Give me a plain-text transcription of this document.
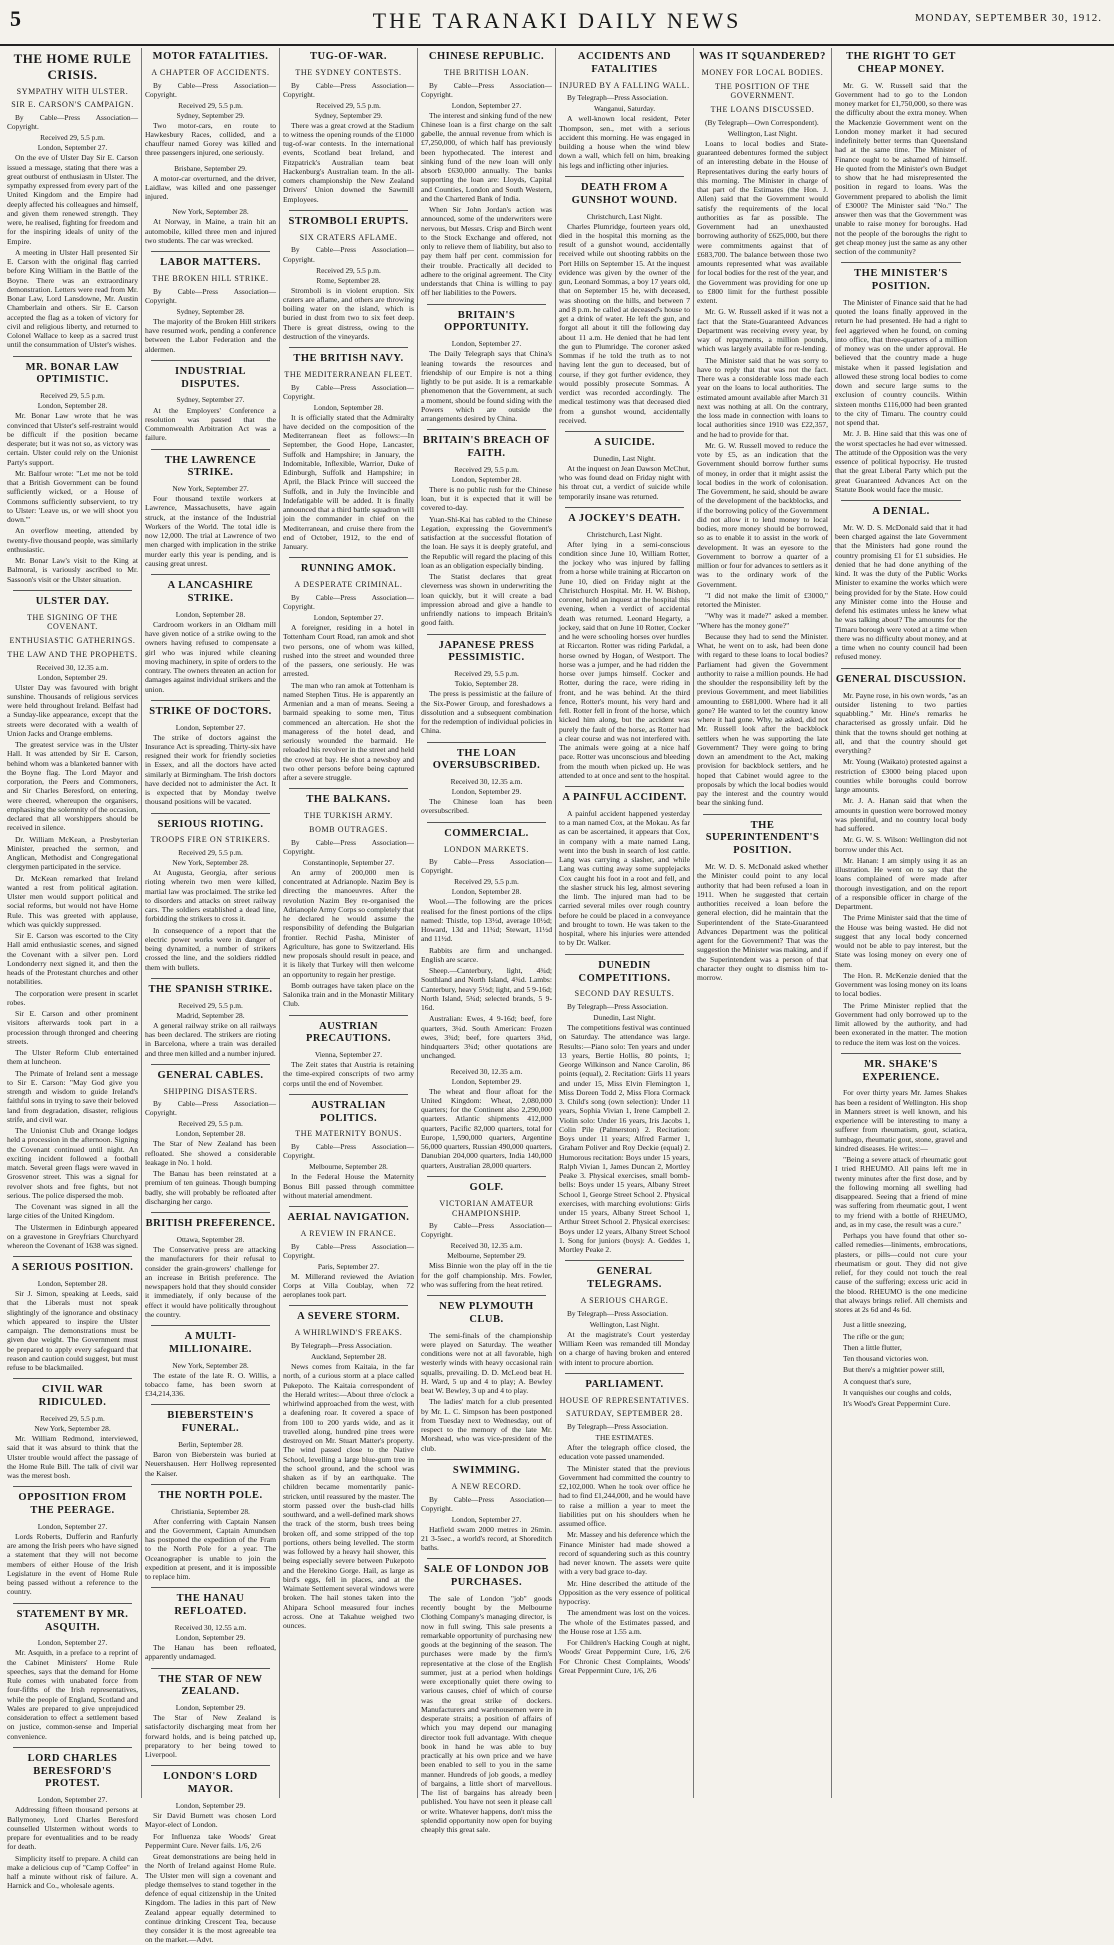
5	THE TARANAKI DAILY NEWS	MONDAY, SEPTEMBER 30, 1912.
THE HOME RULE CRISIS.
SYMPATHY WITH ULSTER.
SIR E. CARSON'S CAMPAIGN.
By Cable—Press Association—Copyright.
Received 29, 5.5 p.m.
London, September 27.

On the eve of Ulster Day Sir E. Carson issued a message, stating that there was a great outburst of enthusiasm in Ulster. The sympathy expressed from every part of the United Kingdom and the Empire had deeply affected his colleagues and himself, and given them renewed strength. They were, he realised, fighting for freedom and for the inspiring ideals of unity of the Empire.

A meeting in Ulster Hall presented Sir E. Carson with the original flag carried before King William in the Battle of the Boyne. There was an extraordinary demonstration. Letters were read from Mr. Bonar Law, Lord Lansdowne, Mr. Austin Chamberlain and others. Sir E. Carson accepted the flag as a token of victory for civil and religious liberty, and returned to Colonel Wallace to keep as a sacred trust until the consummation of Ulster's wishes.

MR. BONAR LAW OPTIMISTIC.
Received 29, 5.5 p.m.
London, September 28.

Mr. Bonar Law wrote that he was convinced that Ulster's self-restraint would be difficult if the position became desperate; but it was not so, as victory was certain. Ulster could rely on the Unionist Party's support.

Mr. Balfour wrote: "Let me not be told that a British Government can be found sufficiently wicked, or a House of Commons sufficiently subservient, to try to Ulster: 'Leave us, or we will shoot you down.'"

An overflow meeting, attended by twenty-five thousand people, was similarly enthusiastic.

Mr. Bonar Law's visit to the King at Balmoral, is variously ascribed to Mr. Sassoon's visit or the Ulster situation.

ULSTER DAY.
THE SIGNING OF THE COVENANT.
ENTHUSIASTIC GATHERINGS.
THE LAW AND THE PROPHETS.
Received 30, 12.35 a.m.
London, September 29.

Ulster Day was favoured with bright sunshine. Thousands of religious services were held throughout Ireland. Belfast had a Sunday-like appearance, except that the streets were decorated with a wealth of Union Jacks and Orange emblems.

The greatest service was in the Ulster Hall. It was attended by Sir E. Carson, behind whom was a blanketed banner with the Boyne flag. The Lord Mayor and corporation, the Peers and Commoners, and Sir Charles Beresford, on entering, were cheered, whereupon the organisers, emphasising the solemnity of the occasion, declared that all worshippers should be received in silence.

Dr. William McKean, a Presbyterian Minister, preached the sermon, and Anglican, Methodist and Congregational clergymen participated in the service.

Dr. McKean remarked that Ireland wanted a rest from political agitation. Ulster men would support political and social reforms, but would not have Home Rule. This was greeted with applause, which was quickly suppressed.

Sir E. Carson was escorted to the City Hall amid enthusiastic scenes, and signed the Covenant with a silver pen. Lord Londonderry next signed it, and then the heads of the Protestant churches and other notabilities.

The corporation were present in scarlet robes.

Sir E. Carson and other prominent visitors afterwards took part in a procession through thronged and cheering streets.

The Ulster Reform Club entertained them at luncheon.

The Primate of Ireland sent a message to Sir E. Carson: "May God give you strength and wisdom to guide Ireland's faithful sons in trying to save their beloved land from degradation, disaster, religious strife, and civil war.

The Unionist Club and Orange lodges held a procession in the afternoon. Signing the Covenant continued until night. An exciting incident followed a football match. Several green flags were waved in Grosvenor street. This was a signal for revolver shots and free fights, but not serious. The police dispersed the mob.

The Covenant was signed in all the large cities of the United Kingdom.

The Ulstermen in Edinburgh appeared on a gravestone in Greyfriars Churchyard whereon the Covenant of 1638 was signed.

A SERIOUS POSITION.
London, September 28.

Sir J. Simon, speaking at Leeds, said that the Liberals must not speak slightingly of the ignorance and obstinacy which appeared to inspire the Ulster campaign. The demonstrations must be given due weight. The Government must be prepared to apply every safeguard that reason and caution could suggest, but must refuse to be blackmailed.

CIVIL WAR RIDICULED.
Received 29, 5.5 p.m.
New York, September 28.

Mr. William Redmond, interviewed, said that it was absurd to think that the Ulster trouble would affect the passage of the Home Rule Bill. The talk of civil war was the merest bosh.

OPPOSITION FROM THE PEERAGE.
London, September 27.

Lords Roberts, Dufferin and Ranfurly are among the Irish peers who have signed a statement that they will not become members of either House of the Irish Legislature in the event of Home Rule being passed without a reference to the country.

STATEMENT BY MR. ASQUITH.
London, September 27.

Mr. Asquith, in a preface to a reprint of the Cabinet Ministers' Home Rule speeches, says that the demand for Home Rule comes with unabated force from four-fifths of the Irish representatives, while the people of England, Scotland and Wales are prepared to give unprejudiced consideration to effect a settlement based on justice, common-sense and Imperial convenience.

LORD CHARLES BERESFORD'S PROTEST.
London, September 27.

Addressing fifteen thousand persons at Ballymoney, Lord Charles Beresford counselled Ulstermen without words to prepare for eventualities and to be ready for death.

Simplicity itself to prepare. A child can make a delicious cup of "Camp Coffee" in half a minute without risk of failure. A. Harnick and Co., wholesale agents.

MOTOR FATALITIES.
A CHAPTER OF ACCIDENTS.
By Cable—Press Association—Copyright.
Received 29, 5.5 p.m.
Sydney, September 29.

Two motor-cars, en route to Hawkesbury Races, collided, and a chauffeur named Gorey was killed and three passengers injured, one seriously.

Brisbane, September 29.

A motor-car overturned, and the driver, Laidlaw, was killed and one passenger injured.

New York, September 28.

At Norway, in Maine, a train hit an automobile, killed three men and injured two students. The car was wrecked.

LABOR MATTERS.
THE BROKEN HILL STRIKE.
By Cable—Press Association—Copyright.
Sydney, September 28.

The majority of the Broken Hill strikers have resumed work, pending a conference between the Labor Federation and the aldermen.

INDUSTRIAL DISPUTES.
Sydney, September 27.

At the Employers' Conference a resolution was passed that the Commonwealth Arbitration Act was a failure.

THE LAWRENCE STRIKE.
New York, September 27.

Four thousand textile workers at Lawrence, Massachusetts, have again struck, at the instance of the Industrial Workers of the World. The total idle is now 12,000. The trial at Lawrence of two men charged with implication in the strike murder early this year is pending, and is causing great unrest.

A LANCASHIRE STRIKE.
London, September 28.

Cardroom workers in an Oldham mill have given notice of a strike owing to the owners having refused to compensate a girl who was injured while cleaning moving machinery, in spite of orders to the contrary. The owners threaten an action for damages against individual strikers and the union.

STRIKE OF DOCTORS.
London, September 27.

The strike of doctors against the Insurance Act is spreading. Thirty-six have resigned their work for friendly societies in Essex, and all the doctors have acted similarly at Birmingham. The Irish doctors have decided not to administer the Act. It is expected that by Monday twelve thousand positions will be vacated.

SERIOUS RIOTING.
TROOPS FIRE ON STRIKERS.
Received 29, 5.5 p.m.
New York, September 28.

At Augusta, Georgia, after serious rioting wherein two men were killed, martial law was proclaimed. The strike led to disorders and attacks on street railway cars. The soldiers established a dead line, forbidding the strikers to cross it.

In consequence of a report that the electric power works were in danger of being dynamited, a number of strikers crossed the line, and the soldiers riddled them with bullets.

THE SPANISH STRIKE.
Received 29, 5.5 p.m.
Madrid, September 28.

A general railway strike on all railways has been declared. The strikers are rioting in Barcelona, where a train was derailed and three men killed and a number injured.

GENERAL CABLES.
SHIPPING DISASTERS.
By Cable—Press Association—Copyright.
Received 29, 5.5 p.m.
London, September 28.

The Star of New Zealand has been refloated. She showed a considerable leakage in No. 1 hold.

The Banau has been reinstated at a premium of ten guineas. Though bumping badly, she will probably be refloated after discharging her cargo.

BRITISH PREFERENCE.
Ottawa, September 28.

The Conservative press are attacking the manufacturers for their refusal to consider the grain-growers' challenge for an increase in British preference. The newspapers hold that they should consider it immediately, if only because of the effect it would have politically throughout the country.

A MULTI-MILLIONAIRE.
New York, September 28.

The estate of the late R. O. Willis, a tobacco fame, has been sworn at £34,214,336.

BIEBERSTEIN'S FUNERAL.
Berlin, September 28.

Baron von Bieberstein was buried at Neuershausen. Herr Hollweg represented the Kaiser.

THE NORTH POLE.
Christiania, September 28.

After conferring with Captain Nansen and the Government, Captain Amundsen has postponed the expedition of the Fram to the North Pole for a year. The Oceanographer is unable to join the expedition at present, and it is impossible to replace him.

THE HANAU REFLOATED.
Received 30, 12.55 a.m.
London, September 29.

The Hanau has been refloated, apparently undamaged.

THE STAR OF NEW ZEALAND.
London, September 29.

The Star of New Zealand is satisfactorily discharging meat from her forward holds, and is being patched up, preparatory to her being towed to Liverpool.

LONDON'S LORD MAYOR.
London, September 29.

Sir David Burnett was chosen Lord Mayor-elect of London.

For Influenza take Woods' Great Peppermint Cure. Never fails. 1/6, 2/6

Great demonstrations are being held in the North of Ireland against Home Rule. The Ulster men will sign a covenant and pledge themselves to stand together in the defence of equal citizenship in the United Kingdom. The ladies in this part of New Zealand appear equally determined to continue drinking Crescent Tea, because they consider it is the most agreeable tea on the market.—Advt.

TUG-OF-WAR.
THE SYDNEY CONTESTS.
By Cable—Press Association—Copyright.
Received 29, 5.5 p.m.
Sydney, September 29.

There was a great crowd at the Stadium to witness the opening rounds of the £1000 tug-of-war contests. In the international events, Scotland beat Ireland, and Fitzpatrick's Australian team beat Hackenburg's Australian team. In the all-comers championship the New Zealand Drivers' Union downed the Sawmill Employees.

STROMBOLI ERUPTS.
SIX CRATERS AFLAME.
By Cable—Press Association—Copyright.
Received 29, 5.5 p.m.
Rome, September 28.

Stromboli is in violent eruption. Six craters are aflame, and others are throwing boiling water on the island, which is buried in dust from two to six feet deep. There is great distress, owing to the destruction of the vineyards.

THE BRITISH NAVY.
THE MEDITERRANEAN FLEET.
By Cable—Press Association—Copyright.
London, September 28.

It is officially stated that the Admiralty have decided on the composition of the Mediterranean fleet as follows:—In September, the Good Hope, Lancaster, Suffolk and Hampshire; in January, the Indomitable, Inflexible, Warrior, Duke of Edinburgh, Suffolk and Hampshire; in April, the Black Prince will succeed the Suffolk, and in July the Invincible and Indefatigable will be added. It is finally announced that a third battle squadron will join the commander in chief on the Mediterranean, and cruise there from the end of October, 1912, to the end of January.

RUNNING AMOK.
A DESPERATE CRIMINAL.
By Cable—Press Association—Copyright.
London, September 27.

A foreigner, residing in a hotel in Tottenham Court Road, ran amok and shot two persons, one of whom was killed, rushed into the street and wounded three of the passers, one seriously. He was arrested.

The man who ran amok at Tottenham is named Stephen Titus. He is apparently an Armenian and a man of means. Seeing a barmaid speaking to some men, Titus commenced an altercation. He shot the manageress of the hotel dead, and seriously wounded the barmaid. He reloaded his revolver in the street and held the crowd at bay. He shot a newsboy and two other persons before being captured after a severe struggle.

THE BALKANS.
THE TURKISH ARMY.
BOMB OUTRAGES.
By Cable—Press Association—Copyright.
Constantinople, September 27.

An army of 200,000 men is concentrated at Adrianople. Nazim Bey is directing the manoeuvres. After the revolution Nazim Bey re-organised the Adrianople Army Corps so completely that he declared he would assume the responsibility of defending the Bulgarian frontier. Rechid Pasha, Minister of Agriculture, has gone to Switzerland. His new proposals should result in peace, and it is likely that Turkey will then welcome an opportunity to regain her prestige.

Bomb outrages have taken place on the Salonika train and in the Monastir Military Club.

AUSTRIAN PRECAUTIONS.
Vienna, September 27.

The Zeit states that Austria is retaining the time-expired conscripts of two army corps until the end of November.

AUSTRALIAN POLITICS.
THE MATERNITY BONUS.
By Cable—Press Association—Copyright.
Melbourne, September 28.

In the Federal House the Maternity Bonus Bill passed through committee without material amendment.

AERIAL NAVIGATION.
A REVIEW IN FRANCE.
By Cable—Press Association—Copyright.
Paris, September 27.

M. Millerand reviewed the Aviation Corps at Villa Coublay, when 72 aeroplanes took part.

A SEVERE STORM.
A WHIRLWIND'S FREAKS.
By Telegraph—Press Association.
Auckland, September 28.

News comes from Kaitaia, in the far north, of a curious storm at a place called Pukepoto. The Kaitaia correspondent of the Herald writes:—About three o'clock a whirlwind approached from the west, with a deafening roar. It covered a space of from 100 to 200 yards wide, and as it travelled along, hundred pine trees were destroyed on Mr. Stuart Matter's property. The wind passed close to the Native School, levelling a large blue-gum tree in the school ground, and the school was shaken as if by an earthquake. The children became momentarily panic-stricken, until reassured by the master. The storm passed over the bush-clad hills southward, and a well-defined mark shows the track of the storm, bush trees being broken off, and some stripped of the top portions, others being levelled. The storm was followed by a heavy hail shower, this being especially severe between Pukepoto and the Herekino Gorge. Hail, as large as bird's eggs, fell in places, and at the Waimate Settlement several windows were broken. The hail stones taken into the Ahipara School measured four inches across. One at Takahue weighed two ounces.

CHINESE REPUBLIC.
THE BRITISH LOAN.
By Cable—Press Association—Copyright.
London, September 27.

The interest and sinking fund of the new Chinese loan is a first charge on the salt gabelle, the annual revenue from which is £7,250,000, of which half has previously been hypothecated. The interest and sinking fund of the new loan will only absorb £630,000 annually. The banks supporting the loan are: Lloyds, Capital and Counties, London and South Western, and the Chartered Bank of India.

When Sir John Jordan's action was announced, some of the underwriters were nervous, but Messrs. Crisp and Birch went to the Stock Exchange and offered, not only to relieve them of liability, but also to pay them half per cent. commission for their trouble. Practically all decided to adhere to the original agreement. The City understands that China is willing to pay off her liabilities to the Powers.

BRITAIN'S OPPORTUNITY.
London, September 27.

The Daily Telegraph says that China's leaning towards the resources and friendship of our Empire is not a thing lightly to be put aside. It is a remarkable phenomenon that the Government, at such a moment, should be found siding with the Powers which are outside the arrangements desired by China.

BRITAIN'S BREACH OF FAITH.
Received 29, 5.5 p.m.
London, September 28.

There is no public rush for the Chinese loan, but it is expected that it will be covered to-day.

Yuan-Shi-Kai has cabled to the Chinese Legation, expressing the Government's satisfaction at the successful flotation of the loan. He says it is deeply grateful, and the Republic will regard the placing of this loan as an obligation especially binding.

The Statist declares that great cleverness was shown in underwriting the loan quickly, but it will create a bad impression abroad and give a handle to unfriendly nations to impeach Britain's good faith.

JAPANESE PRESS PESSIMISTIC.
Received 29, 5.5 p.m.
Tokio, September 28.

The press is pessimistic at the failure of the Six-Power Group, and foreshadows a dissolution and a subsequent combination for the redemption of individual policies in China.

THE LOAN OVERSUBSCRIBED.
Received 30, 12.35 a.m.
London, September 29.

The Chinese loan has been oversubscribed.

COMMERCIAL.
LONDON MARKETS.
By Cable—Press Association—Copyright.
Received 29, 5.5 p.m.
London, September 28.

Wool.—The following are the prices realised for the finest portions of the clips named: Thistle, top 13½d, average 10½d; Howard, 13d and 11¾d; Stewart, 11½d and 11½d.

Rabbits are firm and unchanged. English are scarce.

Sheep.—Canterbury, light, 4¾d; Southland and North Island, 4¾d. Lambs: Canterbury, heavy 5½d; light, and 5 9-16d; North Island, 5¾d; selected brands, 5 9-16d.

Australian: Ewes, 4 9-16d; beef, fore quarters, 3¼d. South American: Frozen ewes, 3¾d; beef, fore quarters 3¾d, hindquarters 3¾d; other quotations are unchanged.

Received 30, 12.35 a.m.
London, September 29.

The wheat and flour afloat for the United Kingdom: Wheat, 2,080,000 quarters; for the Continent also 2,290,000 quarters. Atlantic shipments 412,000 quarters, Pacific 82,000 quarters, total for Europe, 1,590,000 quarters, Argentine 56,000 quarters, Russian 490,000 quarters, Danubian 204,000 quarters, India 140,000 quarters, Australian 28,000 quarters.

GOLF.
VICTORIAN AMATEUR CHAMPIONSHIP.
By Cable—Press Association—Copyright.
Received 30, 12.35 a.m.
Melbourne, September 29.

Miss Binnie won the play off in the tie for the golf championship. Mrs. Fowler, who was suffering from the heat retired.

NEW PLYMOUTH CLUB.

The semi-finals of the championship were played on Saturday. The weather conditions were not at all favorable, high westerly winds with heavy occasional rain squalls, prevailing. D. D. McLeod beat H. H. Ward, 5 up and 4 to play; A. Bewley beat W. Bewley, 3 up and 4 to play.

The ladies' match for a club presented by Mr. L. C. Simpson has been postponed from Tuesday next to Wednesday, out of respect to the memory of the late Mr. Morshead, who was vice-president of the club.

SWIMMING.
A NEW RECORD.
By Cable—Press Association—Copyright.
London, September 27.

Hatfield swam 2000 metres in 26min. 21 3-5sec., a world's record, at Shoreditch baths.

SALE OF LONDON JOB PURCHASES.

The sale of London "job" goods recently bought by the Melbourne Clothing Company's managing director, is now in full swing. This sale presents a remarkable opportunity of purchasing new goods at the beginning of the season. The purchases were made by the firm's representative at the close of the English summer, just at a period when holdings were exceptionally quiet there owing to various causes, chief of which of course was the great strike of dockers. Manufacturers and warehousemen were in desperate straits; a position of affairs of which you may depend our managing director took full advantage. With cheque book in hand he was able to buy practically at his own price and we have been enabled to sell to you in the same manner. Hundreds of job goods, a medley of bargains, a little short of marvellous. The list of bargains has already been published. You have not seen it please call or write. Whatever happens, don't miss the splendid opportunity now open for buying cheaply this great sale.

ACCIDENTS AND FATALITIES
INJURED BY A FALLING WALL.
By Telegraph—Press Association.
Wanganui, Saturday.

A well-known local resident, Peter Thompson, sen., met with a serious accident this morning. He was engaged in building a house when the wind blew down a wall, which fell on him, breaking his legs and inflicting other injuries.

DEATH FROM A GUNSHOT WOUND.
Christchurch, Last Night.

Charles Plumridge, fourteen years old, died in the hospital this morning as the result of a gunshot wound, accidentally received while out shooting rabbits on the Port Hills on September 15. At the inquest evidence was given by the owner of the gun, Leonard Sommas, a boy 17 years old, that on September 15 he, with deceased, was shooting on the hills, and between 7 and 8 p.m. he called at deceased's house to get a drink of water. He left the gun, and forgot all about it till the following day about 11 a.m. He denied that he had lent the gun to Plumridge. The coroner asked Sommas if he told the truth as to not having lent the gun to deceased, but of course, if they got further evidence, they would possibly prosecute Sommas. A verdict was recorded accordingly. The medical testimony was that deceased died from a gunshot wound, accidentally received.

A SUICIDE.
Dunedin, Last Night.

At the inquest on Jean Dawson McChut, who was found dead on Friday night with his throat cut, a verdict of suicide while temporarily insane was returned.

A JOCKEY'S DEATH.
Christchurch, Last Night.

After lying in a semi-conscious condition since June 10, William Rotter, the jockey who was injured by falling from a horse while training at Riccarton on June 10, died on Friday night at the Christchurch Hospital. Mr. H. W. Bishop, coroner, held an inquest at the hospital this evening, when a verdict of accidental death was returned. Leonard Hegarty, a jockey, said that on June 10 Rotter, Cocker and he were schooling horses over hurdles at Riccarton. Rotter was riding Parkdal, a horse owned by Hogan, of Westport. The horse was a jumper, and he had ridden the horse over jumps himself. Cocker and Rotter, during the race, were riding in front, and he was behind. At the third fence, Rotter's mount, his very hard and fell. Rotter fell in front of the horse, which kicked him along, but the accident was purely the fault of the horse, as Rotter had a clear course and was not interfered with. The animals were going at a nice half pace. Rotter was unconscious and bleeding from the mouth when picked up. He was attended to at once and sent to the hospital.

A PAINFUL ACCIDENT.

A painful accident happened yesterday to a man named Cox, at the Mokau. As far as can be ascertained, it appears that Cox, in company with a mate named Lang, went into the bush in search of lost cattle. Lang was carrying a slasher, and while Lang was cutting away some supplejacks Cox caught his foot in a root and fell, and the slasher struck his leg, almost severing the limb. The injured man had to be carried several miles over rough country before he could be placed in a conveyance and brought to town. He was taken to the hospital, where his injuries were attended to by Dr. Walker.

DUNEDIN COMPETITIONS.
SECOND DAY RESULTS.
By Telegraph—Press Association.
Dunedin, Last Night.

The competitions festival was continued on Saturday. The attendance was large. Results:—Piano solo: Ten years and under 13 years, Bertie Hollis, 80 points, 1; George Wilkinson and Nance Carolin, 86 points (equal), 2. Recitation: Girls 11 years and under 15, Miss Elvin Flemington 1, Miss Doreen Todd 2, Miss Flora Cormack 3. Child's song (own selection): Under 11 years, Sophia Vivian 1, Irene Campbell 2. Violin solo: Under 16 years, Iris Jacobs 1, Colin Pile (Palmerston) 2. Recitation: Boys under 11 years; Alfred Farmer 1, Graham Poliver and Roy Deckie (equal) 2. Humorous recitation: Boys under 15 years, Ralph Vivian 1, James Duncan 2, Mortley Peake 3. Physical exercises, small bomb-bells: Boys under 15 years, Albany Street School 1, George Street School 2. Physical exercises, with marching evolutions: Girls under 15 years, Albany Street School 1, Arthur Street School 2. Physical exercises: Boys under 12 years, Albany Street School 1. Song for juniors (boys): A. Geddes 1, Mortley Peake 2.

GENERAL TELEGRAMS.
A SERIOUS CHARGE.
By Telegraph—Press Association.
Wellington, Last Night.

At the magistrate's Court yesterday William Keen was remanded till Monday on a charge of having broken and entered with intent to procure abortion.

PARLIAMENT.
HOUSE OF REPRESENTATIVES.
SATURDAY, SEPTEMBER 28.
By Telegraph—Press Association.
THE ESTIMATES.

After the telegraph office closed, the education vote passed unamended.

The Minister stated that the previous Government had committed the country to £2,102,000. When he took over office he had to find £1,244,000, and he would have to raise a million a year to meet the liabilities put on his shoulders when he assumed office.

Mr. Massey and his deference which the Finance Minister had made showed a record of squandering such as this country had never known. The assets were quite with a very bad grace to-day.

Mr. Hine described the attitude of the Opposition as the very essence of political hypocrisy.

The amendment was lost on the voices. The whole of the Estimates passed, and the House rose at 1.55 a.m.

For Children's Hacking Cough at night, Woods' Great Peppermint Cure, 1/6, 2/6 For Chronic Chest Complaints, Woods' Great Peppermint Cure, 1/6, 2/6

WAS IT SQUANDERED?
MONEY FOR LOCAL BODIES.
THE POSITION OF THE GOVERNMENT.
THE LOANS DISCUSSED.
(By Telegraph—Own Correspondent).
Wellington, Last Night.

Loans to local bodies and State-guaranteed debentures formed the subject of an interesting debate in the House of Representatives during the early hours of this morning. The Minister in charge of that part of the Estimates (the Hon. J. Allen) said that the Government would satisfy the requirements of the local authorities as far as possible. The Government had an unexhausted borrowing authority of £625,000, but there were commitments against that of £683,700. The balance between those two amounts represented what was available for local bodies for the rest of the year, and the Government was providing for one up to £800 limit for the furthest possible extent.

Mr. G. W. Russell asked if it was not a fact that the State-Guaranteed Advances Department was receiving every year, by way of repayments, a million pounds, which was largely available for re-lending.

The Minister said that he was sorry to have to reply that that was not the fact. There was a considerable loss made each year on the loans to local authorities. The estimated amount available after March 31 next was nothing at all. On the contrary, the loss made in connection with loans to local authorities since 1910 was £22,357, and he had to provide for that.

Mr. G. W. Russell moved to reduce the vote by £5, as an indication that the Government should borrow further sums of money, in order that it might assist the local bodies in the work of colonisation. The Government, he said, should be aware of the development of the backblocks, and if the borrowing policy of the Government did not allow it to lend money to local bodies, more money should be borrowed, so as to enable it to assist in the work of development. It was an eyesore to the Government to borrow a quarter of a million or four for advances to settlers as it was to the ordinary work of the Government.

"I did not make the limit of £3000," retorted the Minister.

"Why was it made?" asked a member. "Where has the money gone?"

Because they had to send the Minister. What, he went on to ask, had been done with regard to these loans to local bodies? Parliament had given the Government authority to raise a million pounds. He had the shoulder the responsibility left by the previous Government, and meet liabilities amounting to £681,000. Where had it all gone? He wanted to let the country know where it had gone. Why, he asked, did not Mr. Russell look after the backblock settlers when he was supporting the late Government? They were going to bring down an amendment to the Act, making provision for backblock settlers, and he hoped that Cabinet would agree to the proposals by which the local bodies would pay the interest and the country would bear the sinking fund.

THE SUPERINTENDENT'S POSITION.

Mr. W. D. S. McDonald asked whether the Minister could point to any local authority that had been refused a loan in 1911. When he suggested that certain authorities received a loan before the general election, did he maintain that the Superintendent of the State-Guaranteed Advances Department was the political agent for the Government? That was the suggestion the Minister was making, and if the Superintendent was a person of that character they ought to dismiss him to-morrow.

THE RIGHT TO GET CHEAP MONEY.

Mr. G. W. Russell said that the Government had to go to the London money market for £1,750,000, so there was the difficulty about the extra money. When the Mackenzie Government went on the London money market it had secured indefinitely better terms than Queensland had at the same time. The Minister of Finance ought to be ashamed of himself. He quoted from the Minister's own Budget to show that he had misrepresented the position in regard to loans. Was the Government prepared to abolish the limit of £3000? The Minister said "No." The answer then was that the Government was unable to raise money for boroughs. Had not the people of the boroughs the right to get cheap money just the same as any other section of the community?

THE MINISTER'S POSITION.

The Minister of Finance said that he had quoted the loans finally approved in the return he had presented. He had a right to feel aggrieved when he found, on coming into office, that three-quarters of a million of money was on the under approval. He believed that the country made a huge mistake when it passed legislation and allowed these strong local bodies to come down and secure large sums to the exclusion of country councils. Within sixteen months £116,000 had been granted to the city of Timaru. The country could not spend that.

Mr. J. B. Hine said that this was one of the worst spectacles he had ever witnessed. The attitude of the Opposition was the very essence of political hypocrisy. He trusted that the great Liberal Party which put the great Guaranteed Advances Act on the Statute Book would face the music.

A DENIAL.

Mr. W. D. S. McDonald said that it had been charged against the late Government that the Ministers had gone round the country promising £1 for £1 subsidies. He denied that he had done anything of the kind. It was the duty of the Public Works Minister to examine the works which were being provided for by the State. How could any Minister come into the House and defend his estimates unless he knew what he was talking about? The amounts for the Timaru borough were voted at a time when there was no difficulty about money, and at a time when no county council had been refused money.

GENERAL DISCUSSION.

Mr. Payne rose, in his own words, "as an outsider listening to two parties squabbling." Mr. Hine's remarks he characterised as grossly unfair. Did he think that the towns should get nothing at all, and that the country should get everything?

Mr. Young (Waikato) protested against a restriction of £3000 being placed upon counties while boroughs could borrow large amounts.

Mr. J. A. Hanan said that when the amounts in question were borrowed money was plentiful, and no country local body had suffered.

Mr. G. W. S. Wilson: Wellington did not borrow under this Act.

Mr. Hanan: I am simply using it as an illustration. He went on to say that the loans complained of were made after thorough investigation, and on the report of a responsible officer in charge of the Department.

The Prime Minister said that the time of the House was being wasted. He did not suggest that any local body concerned would not be able to pay interest, but the State was losing money on every one of them.

The Hon. R. McKenzie denied that the Government was losing money on its loans to local bodies.

The Prime Minister replied that the Government had only borrowed up to the limit allowed by the authority, and had been exonerated in the matter. The motion to reduce the item was lost on the voices.

MR. SHAKE'S EXPERIENCE.

For over thirty years Mr. James Shakes has been a resident of Wellington. His shop in Manners street is well known, and his experience will be interesting to many a sufferer from rheumatism, gout, sciatica, lumbago, rheumatic gout, stone, gravel and kindred diseases. He writes:—

"Being a severe attack of rheumatic gout I tried RHEUMO. All pains left me in twenty minutes after the first dose, and by the following morning all swelling had disappeared. Seeing that a friend of mine was suffering from rheumatic gout, I went to my friend with a bottle of RHEUMO, and, as in my case, the result was a cure."

Perhaps you have found that other so-called remedies—liniments, embrocations, plasters, or pills—could not cure your rheumatism or gout. They did not give relief, for they could not touch the real cause of the suffering; excess uric acid in the blood. RHEUMO is the one medicine that always brings relief. All chemists and stores at 2s 6d and 4s 6d.

Just a little sneezing,

The rifle or the gun;

Then a little flutter,

Ten thousand victories won.

But there's a mightier power still,

A conquest that's sure,

It vanquishes our coughs and colds,

It's Wood's Great Peppermint Cure.
